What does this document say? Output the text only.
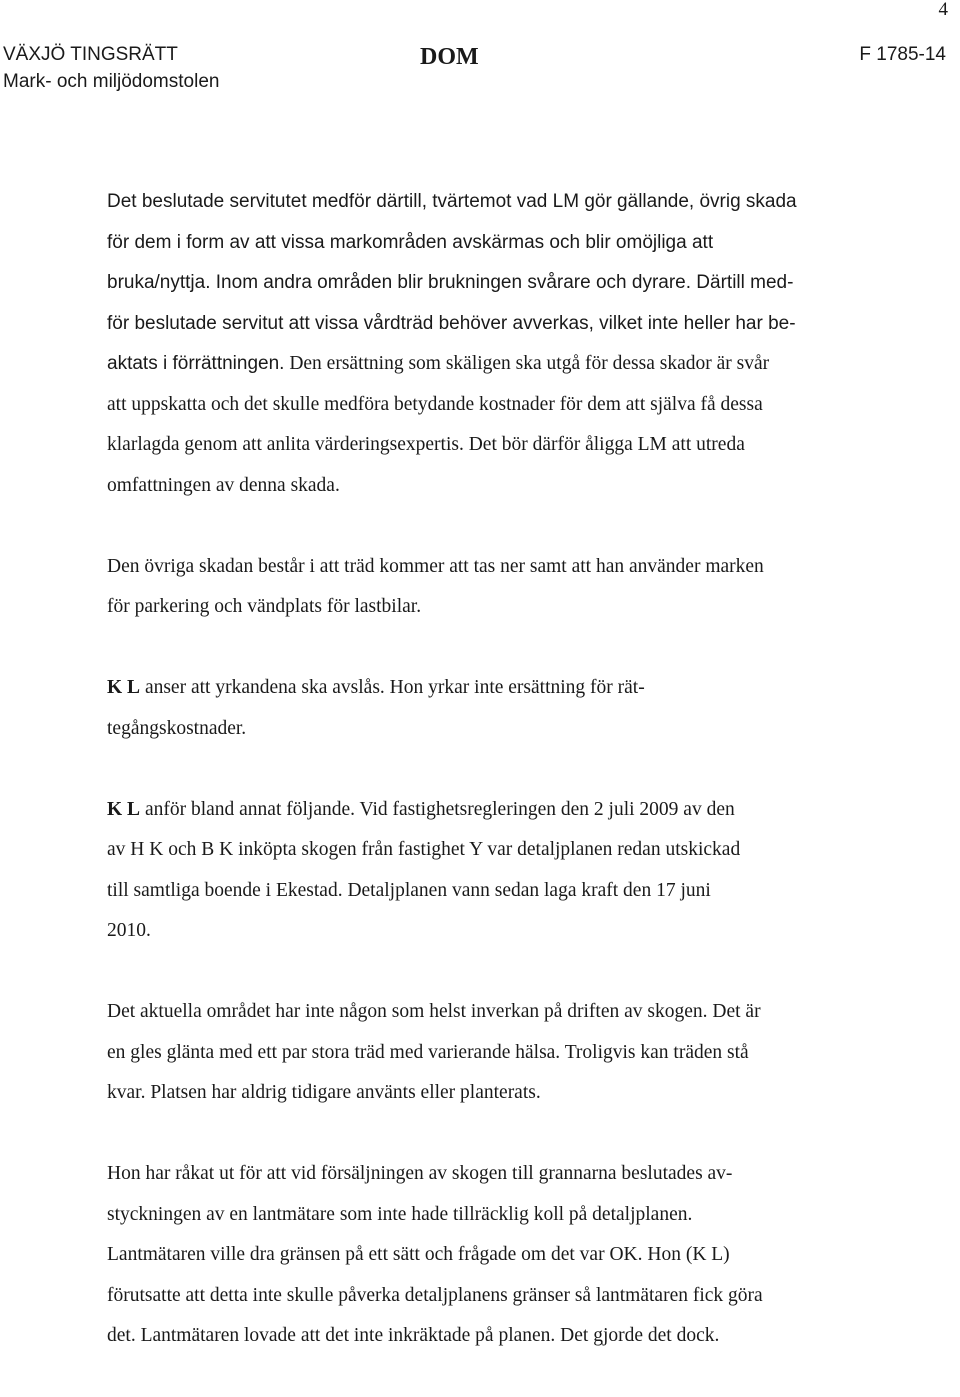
4
VÄXJÖ TINGSRÄTT
Mark- och miljödomstolen
DOM	F 1785-14

Det beslutade servitutet medför därtill, tvärtemot vad LM gör gällande, övrig skada
för dem i form av att vissa markområden avskärmas och blir omöjliga att
bruka/nyttja. Inom andra områden blir brukningen svårare och dyrare. Därtill med-
för beslutade servitut att vissa vårdträd behöver avverkas, vilket inte heller har be-
aktats i förrättningen. Den ersättning som skäligen ska utgå för dessa skador är svår
att uppskatta och det skulle medföra betydande kostnader för dem att själva få dessa
klarlagda genom att anlita värderingsexpertis. Det bör därför åligga LM att utreda
omfattningen av denna skada.

Den övriga skadan består i att träd kommer att tas ner samt att han använder marken
för parkering och vändplats för lastbilar.

K L anser att yrkandena ska avslås. Hon yrkar inte ersättning för rät-
tegångskostnader.

K L anför bland annat följande. Vid fastighetsregleringen den 2 juli 2009 av den
av H K och B K inköpta skogen från fastighet Y var detaljplanen redan utskickad
till samtliga boende i Ekestad. Detaljplanen vann sedan laga kraft den 17 juni
2010.

Det aktuella området har inte någon som helst inverkan på driften av skogen. Det är
en gles glänta med ett par stora träd med varierande hälsa. Troligvis kan träden stå
kvar. Platsen har aldrig tidigare använts eller planterats.

Hon har råkat ut för att vid försäljningen av skogen till grannarna beslutades av-
styckningen av en lantmätare som inte hade tillräcklig koll på detaljplanen.
Lantmätaren ville dra gränsen på ett sätt och frågade om det var OK. Hon (K L)
förutsatte att detta inte skulle påverka detaljplanens gränser så lantmätaren fick göra
det. Lantmätaren lovade att det inte inkräktade på planen. Det gjorde det dock.
